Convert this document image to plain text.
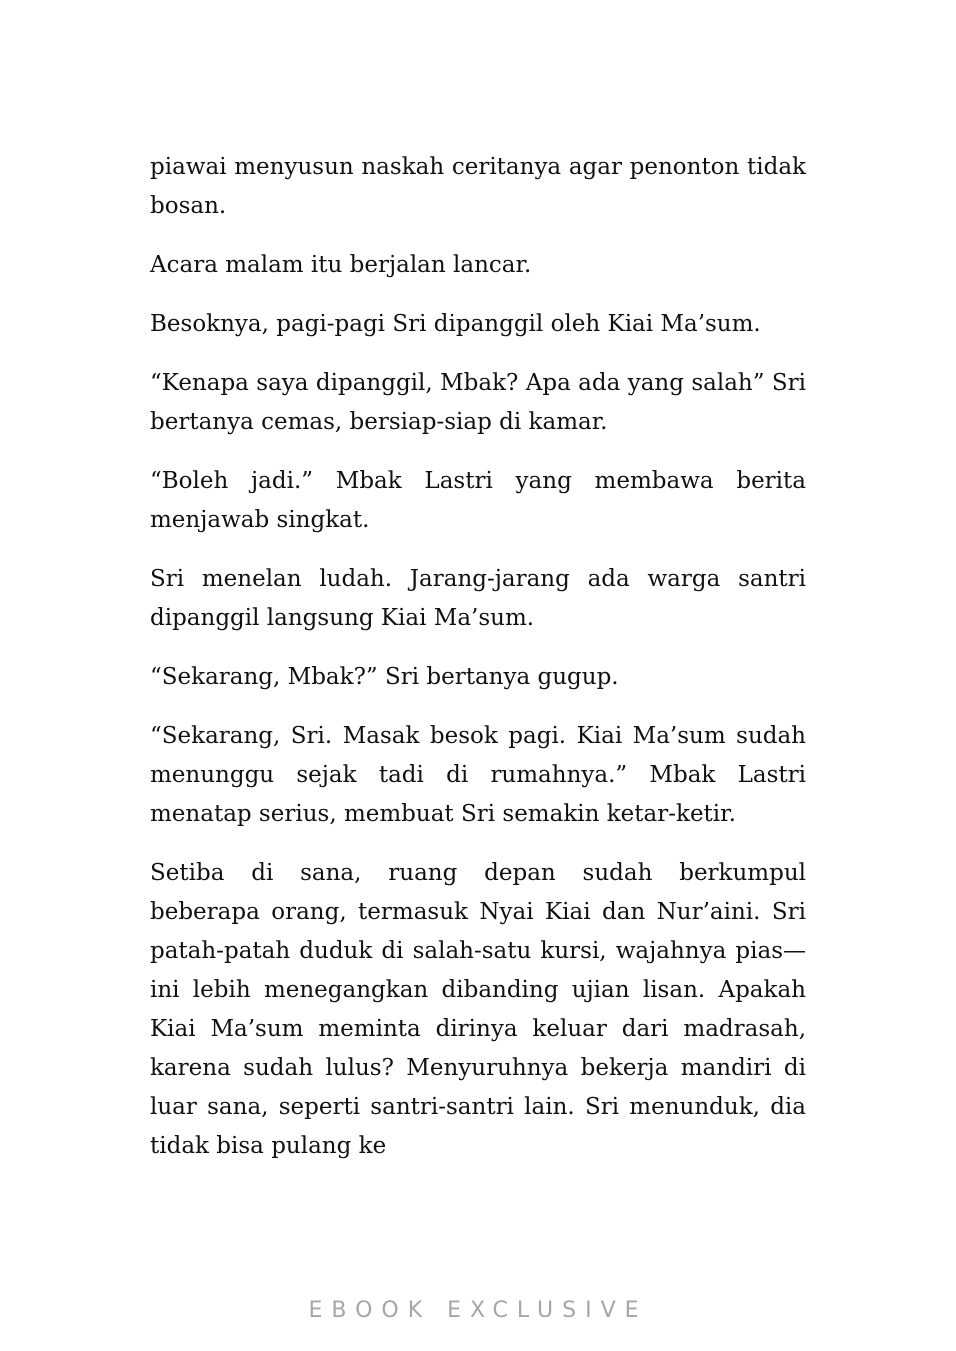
piawai menyusun naskah ceritanya agar penonton tidak bosan.

Acara malam itu berjalan lancar.

Besoknya, pagi-pagi Sri dipanggil oleh Kiai Ma’sum.

“Kenapa saya dipanggil, Mbak? Apa ada yang salah” Sri bertanya cemas, bersiap-siap di kamar.

“Boleh jadi.” Mbak Lastri yang membawa berita menjawab singkat.

Sri menelan ludah. Jarang-jarang ada warga santri dipanggil langsung Kiai Ma’sum.

“Sekarang, Mbak?” Sri bertanya gugup.

“Sekarang, Sri. Masak besok pagi. Kiai Ma’sum sudah menunggu sejak tadi di rumahnya.” Mbak Lastri menatap serius, membuat Sri semakin ketar-ketir.

Setiba di sana, ruang depan sudah berkumpul beberapa orang, termasuk Nyai Kiai dan Nur’aini. Sri patah-patah duduk di salah-satu kursi, wajahnya pias—ini lebih menegangkan dibanding ujian lisan. Apakah Kiai Ma’sum meminta dirinya keluar dari madrasah, karena sudah lulus? Menyuruhnya bekerja mandiri di luar sana, seperti santri-santri lain. Sri menunduk, dia tidak bisa pulang ke

EBOOK EXCLUSIVE
